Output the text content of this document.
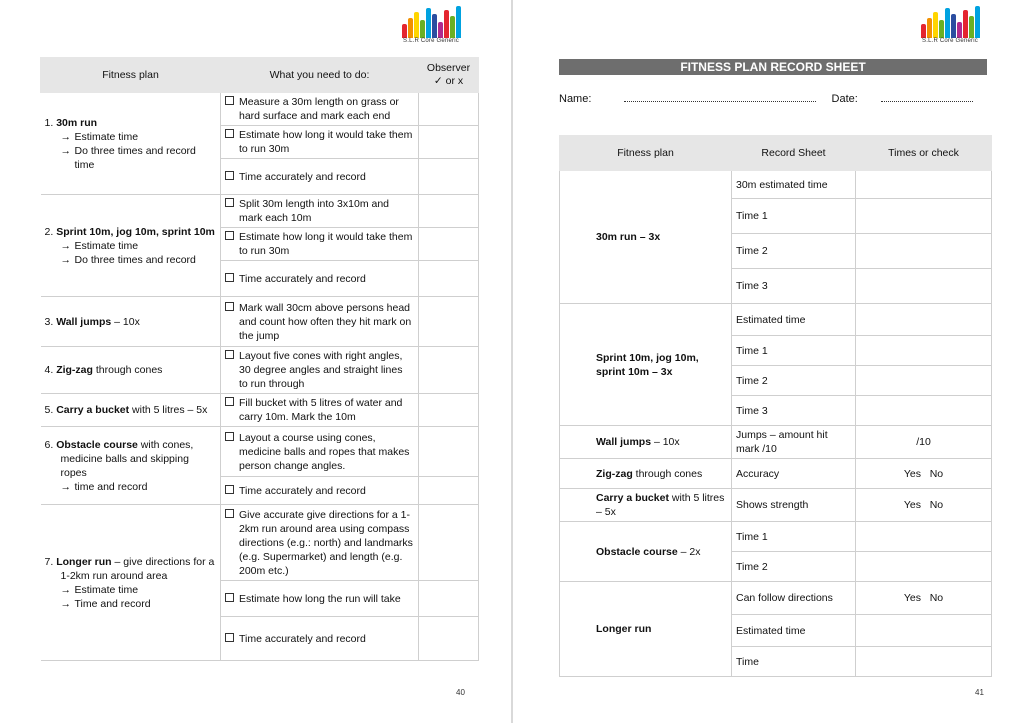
S.L.R Core Generic
Fitness plan	What you need to do:	Observer
✓ or x

1. 30m run
→ Estimate time
→ Do three times and record time	Measure a 30m length on grass or hard surface and mark each end	

	Estimate how long it would take them to run 30m	

	Time accurately and record	

2. Sprint 10m, jog 10m, sprint 10m
→ Estimate time
→ Do three times and record	Split 30m length into 3x10m and mark each 10m	

	Estimate how long it would take them to run 30m	

	Time accurately and record	

3. Wall jumps – 10x	Mark wall 30cm above persons head and count how often they hit mark on the jump	

4. Zig-zag through cones	Layout five cones with right angles, 30 degree angles and straight lines to run through	

5. Carry a bucket with 5 litres – 5x	Fill bucket with 5 litres of water and carry 10m. Mark the 10m	

6. Obstacle course with cones, medicine balls and skipping ropes
→ time and record	Layout a course using cones, medicine balls and ropes that makes person change angles.	

	Time accurately and record	

7. Longer run – give directions for a 1-2km run around area
→ Estimate time
→ Time and record	Give accurate give directions for a 1-2km run around area using compass directions (e.g.: north) and landmarks (e.g. Supermarket) and length (e.g. 200m etc.)	

	Estimate how long the run will take	

	Time accurately and record	

40
S.L.R Core Generic
FITNESS PLAN RECORD SHEET
Name:	Date:
Fitness plan	Record Sheet	Times or check
30m run – 3x	30m estimated time	
	Time 1	
	Time 2	
	Time 3	
Sprint 10m, jog 10m, sprint 10m – 3x	Estimated time	
	Time 1	
	Time 2	
	Time 3	
Wall jumps – 10x	Jumps – amount hit mark /10	/10
Zig-zag through cones	Accuracy	Yes   No
Carry a bucket with 5 litres – 5x	Shows strength	Yes   No
Obstacle course – 2x	Time 1	
	Time 2	
Longer run	Can follow directions	Yes   No
	Estimated time	
	Time	
41
